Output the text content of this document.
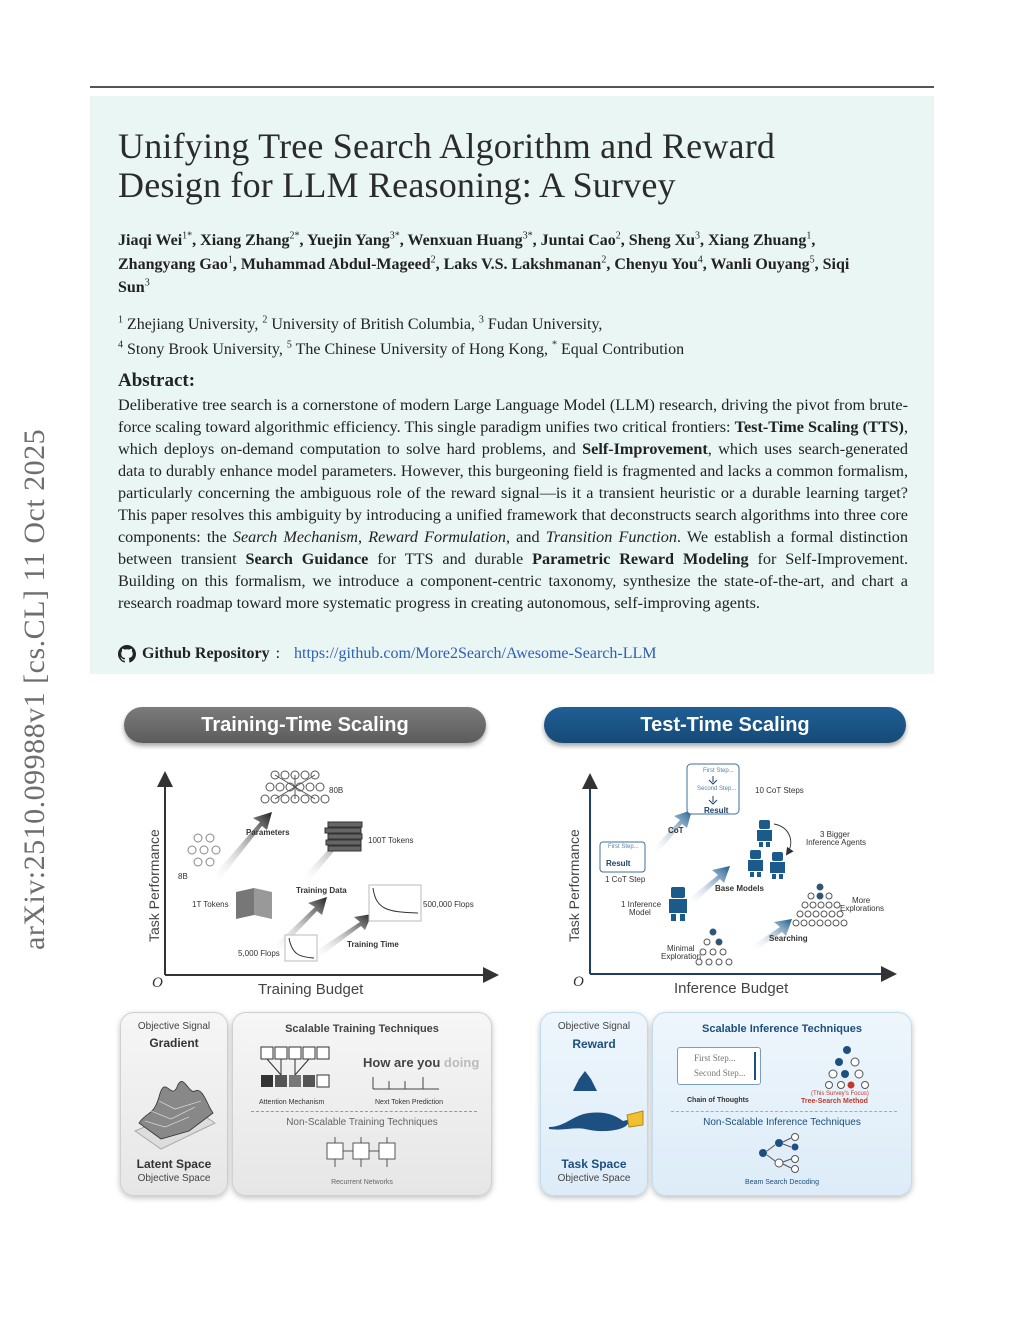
arXiv:2510.09988v1 [cs.CL] 11 Oct 2025
Unifying Tree Search Algorithm and Reward
Design for LLM Reasoning: A Survey
Jiaqi Wei$^{1*}$, Xiang Zhang$^{2*}$, Yuejin Yang$^{3*}$, Wenxuan Huang$^{3*}$, Juntai Cao$^2$, Sheng Xu$^3$, Xiang Zhuang$^1$, Zhangyang Gao$^1$, Muhammad Abdul-Mageed$^2$, Laks V.S. Lakshmanan$^2$, Chenyu You$^4$, Wanli Ouyang$^5$, Siqi Sun$^3$
$^1$ Zhejiang University, $^2$ University of British Columbia, $^3$ Fudan University,
$^4$ Stony Brook University, $^5$ The Chinese University of Hong Kong, * Equal Contribution
Abstract:

Deliberative tree search is a cornerstone of modern Large Language Model (LLM) research, driving the pivot from brute-force scaling toward algorithmic efficiency. This single paradigm unifies two critical frontiers: Test-Time Scaling (TTS), which deploys on-demand computation to solve hard problems, and Self-Improvement, which uses search-generated data to durably enhance model parameters. However, this burgeoning field is fragmented and lacks a common formalism, particularly concerning the ambiguous role of the reward signal—is it a transient heuristic or a durable learning target? This paper resolves this ambiguity by introducing a unified framework that deconstructs search algorithms into three core components: the Search Mechanism, Reward Formulation, and Transition Function. We establish a formal distinction between transient Search Guidance for TTS and durable Parametric Reward Modeling for Self-Improvement. Building on this formalism, we introduce a component-centric taxonomy, synthesize the state-of-the-art, and chart a research roadmap toward more systematic progress in creating autonomous, self-improving agents.

Github Repository : https://github.com/More2Search/Awesome-Search-LLM
Training-Time Scaling	Test-Time Scaling
80B
Parameters
100T Tokens
8B
1T Tokens
Training Data
500,000 Flops
Training Time
5,000 Flops
Task Performance
O	Training Budget
First Step...
Second Step...
Result
10 CoT Steps
CoT	3 Bigger
Inference Agents
First Step...
Result
1 CoT Step
1 Inference
Model
Base Models
More
Explorations
Searching
Minimal
Exploration
Task Performance
O	Inference Budget
Objective Signal
Gradient
Latent Space
Objective Space
Scalable Training Techniques
How are you doing
Attention Mechanism	Next Token Prediction
Non-Scalable Training Techniques
Recurrent Networks
Objective Signal
Reward
Task Space
Objective Space
Scalable Inference Techniques
First Step...
Second Step...
Chain of Thoughts
(This Survey's Focus)
Tree-Search Method
Non-Scalable Inference Techniques
Beam Search Decoding
